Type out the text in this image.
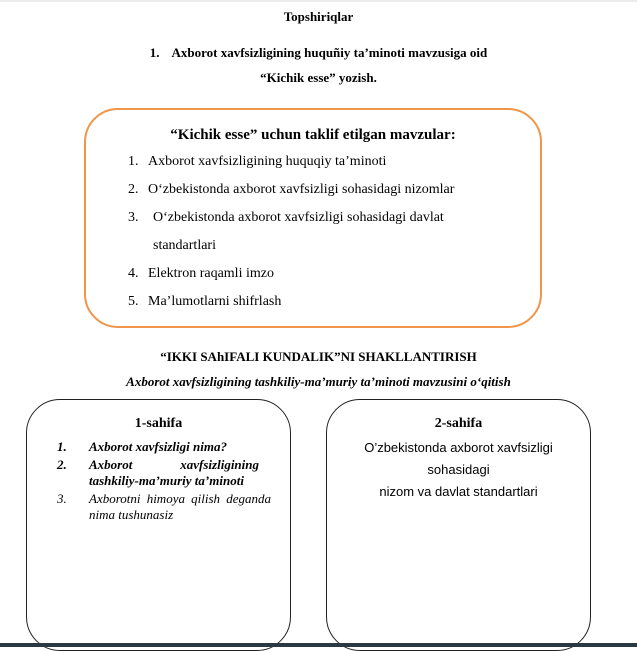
Topshiriqlar
1. Axborot xavfsizligining huquñiy ta’minoti mavzusiga oid
“Kichik esse” yozish.
“Kichik esse” uchun taklif etilgan mavzular:
1. Axborot xavfsizligining huquqiy ta’minoti
2. O‘zbekistonda axborot xavfsizligi sohasidagi nizomlar
3.	O‘zbekistonda axborot xavfsizligi sohasidagi davlat standartlari
4. Elektron raqamli imzo
5. Ma’lumotlarni shifrlash
“IKKI SAhIFALI KUNDALIK”NI SHAKLLANTIRISH
Axborot xavfsizligining tashkiliy-ma’muriy ta’minoti mavzusini o‘qitish
1-sahifa
1.	Axborot xavfsizligi nima?
2.	Axborot xavfsizligining tashkiliy-ma’muriy ta’minoti
3.	Axborotni himoya qilish deganda nima tushunasiz
2-sahifa
O’zbekistonda axborot xavfsizligi
sohasidagi
nizom va davlat standartlari
